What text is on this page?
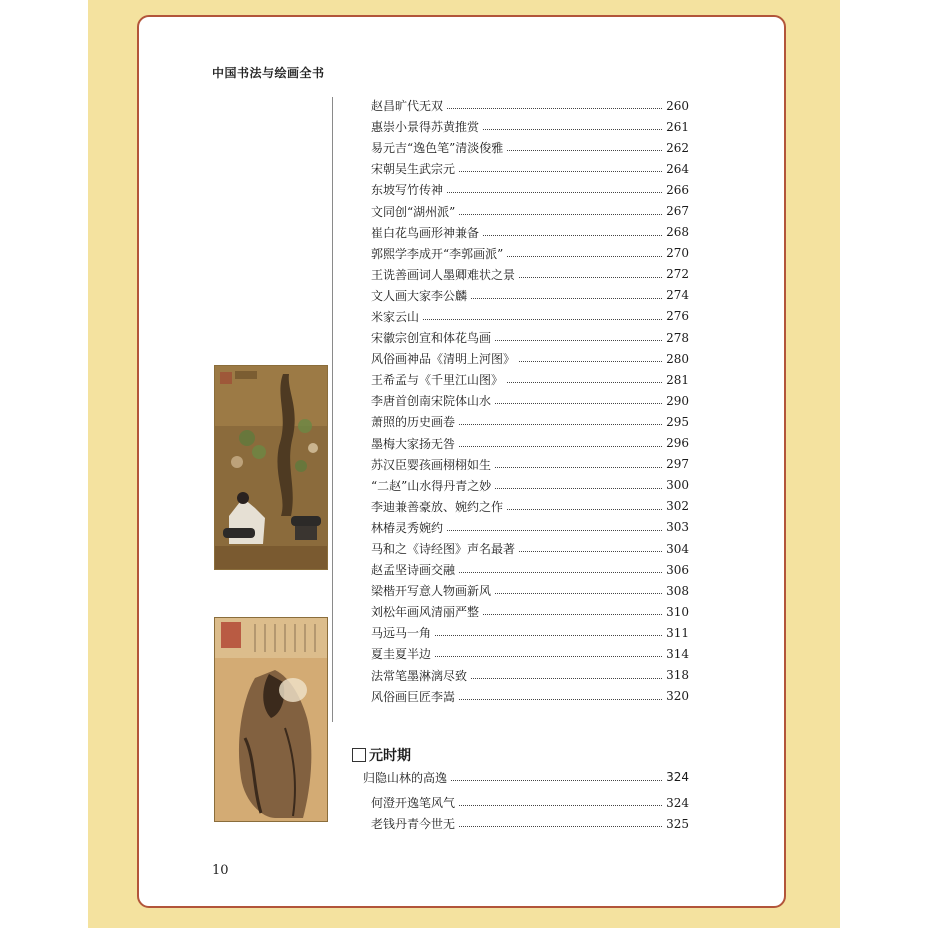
中国书法与绘画全书
赵昌旷代无双	260
惠崇小景得苏黄推赏	261
易元吉“逸色笔”清淡俊雅	262
宋朝吴生武宗元	264
东坡写竹传神	266
文同创“湖州派”	267
崔白花鸟画形神兼备	268
郭熙学李成开“李郭画派”	270
王诜善画词人墨卿难状之景	272
文人画大家李公麟	274
米家云山	276
宋徽宗创宣和体花鸟画	278
风俗画神品《清明上河图》	280
王希孟与《千里江山图》	281
李唐首创南宋院体山水	290
萧照的历史画卷	295
墨梅大家扬无咎	296
苏汉臣婴孩画栩栩如生	297
“二赵”山水得丹青之妙	300
李迪兼善豪放、婉约之作	302
林椿灵秀婉约	303
马和之《诗经图》声名最著	304
赵孟坚诗画交融	306
梁楷开写意人物画新风	308
刘松年画风清丽严整	310
马远马一角	311
夏圭夏半边	314
法常笔墨淋漓尽致	318
风俗画巨匠李嵩	320
元时期
归隐山林的高逸	324
何澄开逸笔风气	324
老钱丹青今世无	325
10
